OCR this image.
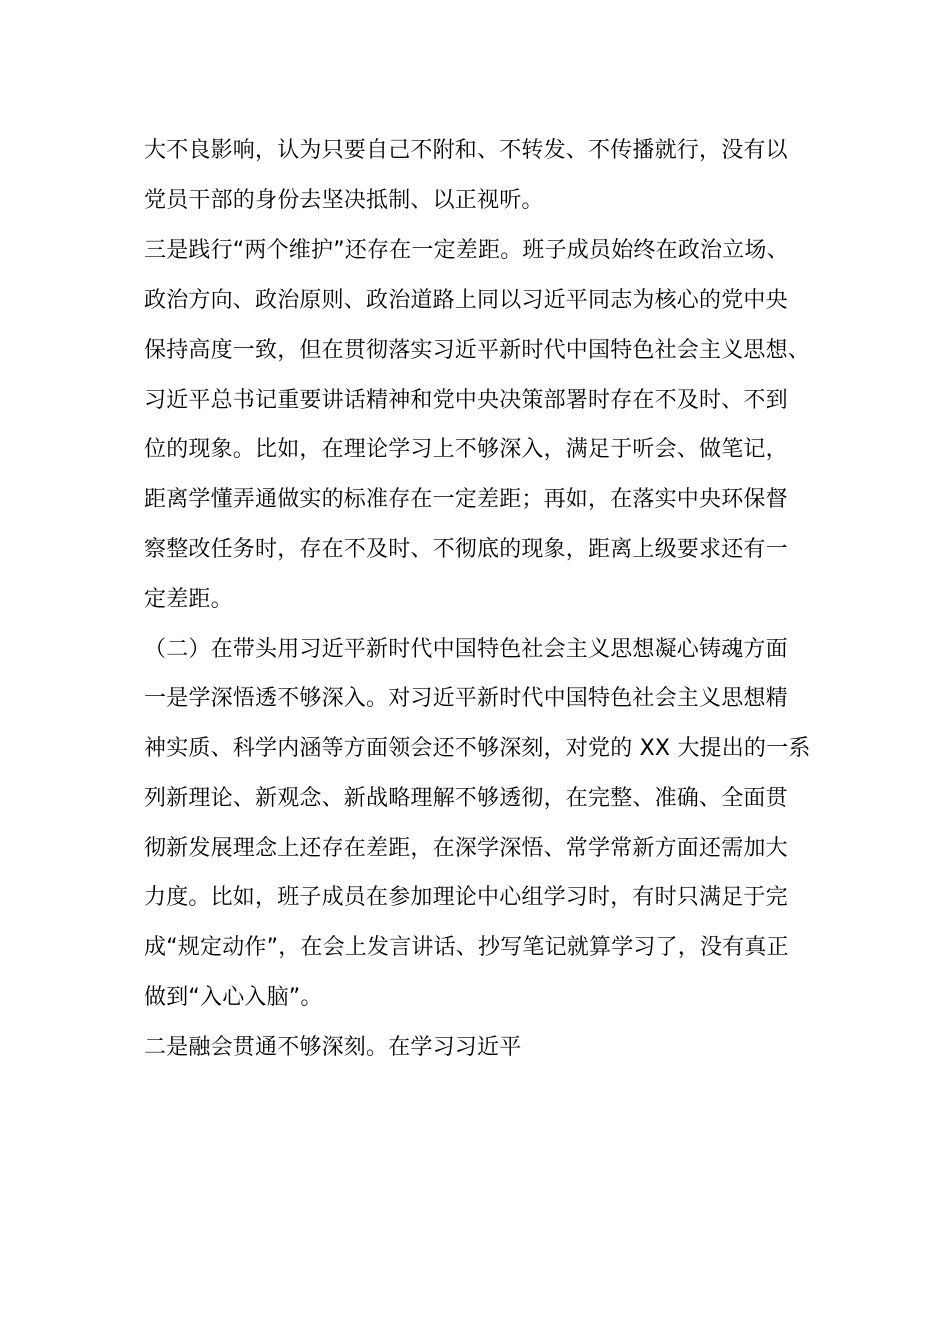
大不良影响，认为只要自己不附和、不转发、不传播就行，没有以
党员干部的身份去坚决抵制、以正视听。
三是践行“两个维护”还存在一定差距。班子成员始终在政治立场、
政治方向、政治原则、政治道路上同以习近平同志为核心的党中央
保持高度一致，但在贯彻落实习近平新时代中国特色社会主义思想、
习近平总书记重要讲话精神和党中央决策部署时存在不及时、不到
位的现象。比如，在理论学习上不够深入，满足于听会、做笔记，
距离学懂弄通做实的标准存在一定差距；再如，在落实中央环保督
察整改任务时，存在不及时、不彻底的现象，距离上级要求还有一
定差距。
（二）在带头用习近平新时代中国特色社会主义思想凝心铸魂方面
一是学深悟透不够深入。对习近平新时代中国特色社会主义思想精
神实质、科学内涵等方面领会还不够深刻，对党的 XX 大提出的一系
列新理论、新观念、新战略理解不够透彻，在完整、准确、全面贯
彻新发展理念上还存在差距，在深学深悟、常学常新方面还需加大
力度。比如，班子成员在参加理论中心组学习时，有时只满足于完
成“规定动作”，在会上发言讲话、抄写笔记就算学习了，没有真正
做到“入心入脑”。
二是融会贯通不够深刻。在学习习近平
